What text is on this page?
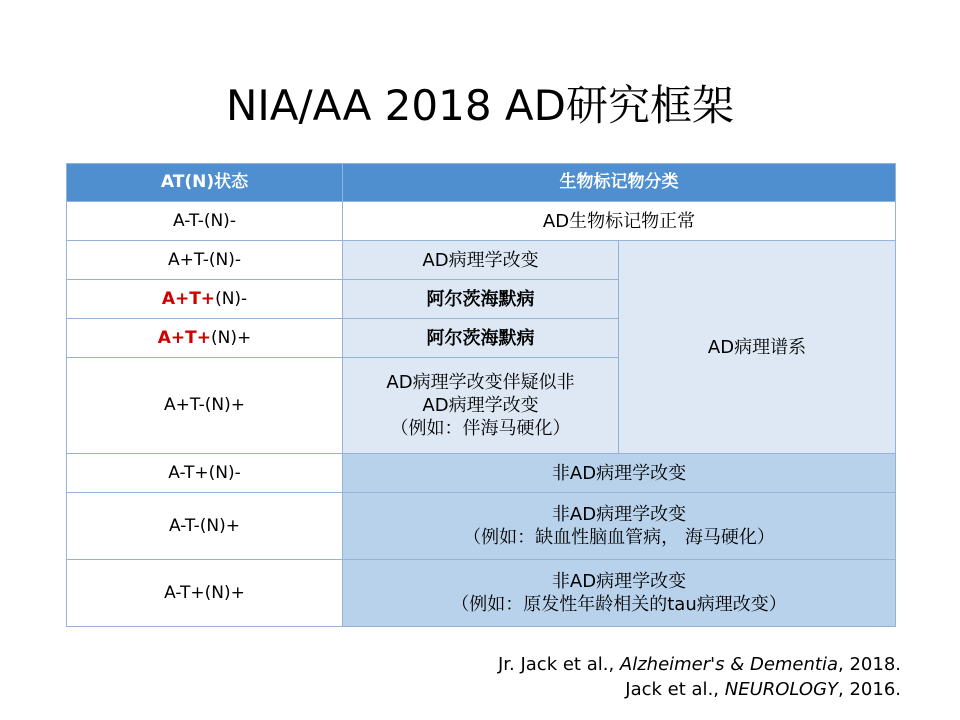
NIA/AA 2018 AD研究框架
AT(N)状态	生物标记物分类	
A-T-(N)-	AD生物标记物正常	
A+T-(N)-	AD病理学改变	AD病理谱系
A+T+(N)-	阿尔茨海默病	
A+T+(N)+	阿尔茨海默病	
A+T-(N)+	AD病理学改变伴疑似非
AD病理学改变
（例如：伴海马硬化）	

A-T+(N)-	非AD病理学改变	
A-T-(N)+	非AD病理学改变
（例如：缺血性脑血管病， 海马硬化）	

A-T+(N)+	非AD病理学改变
（例如：原发性年龄相关的tau病理改变）	
Jr. Jack et al., Alzheimer's & Dementia, 2018.
Jack et al., NEUROLOGY, 2016.
